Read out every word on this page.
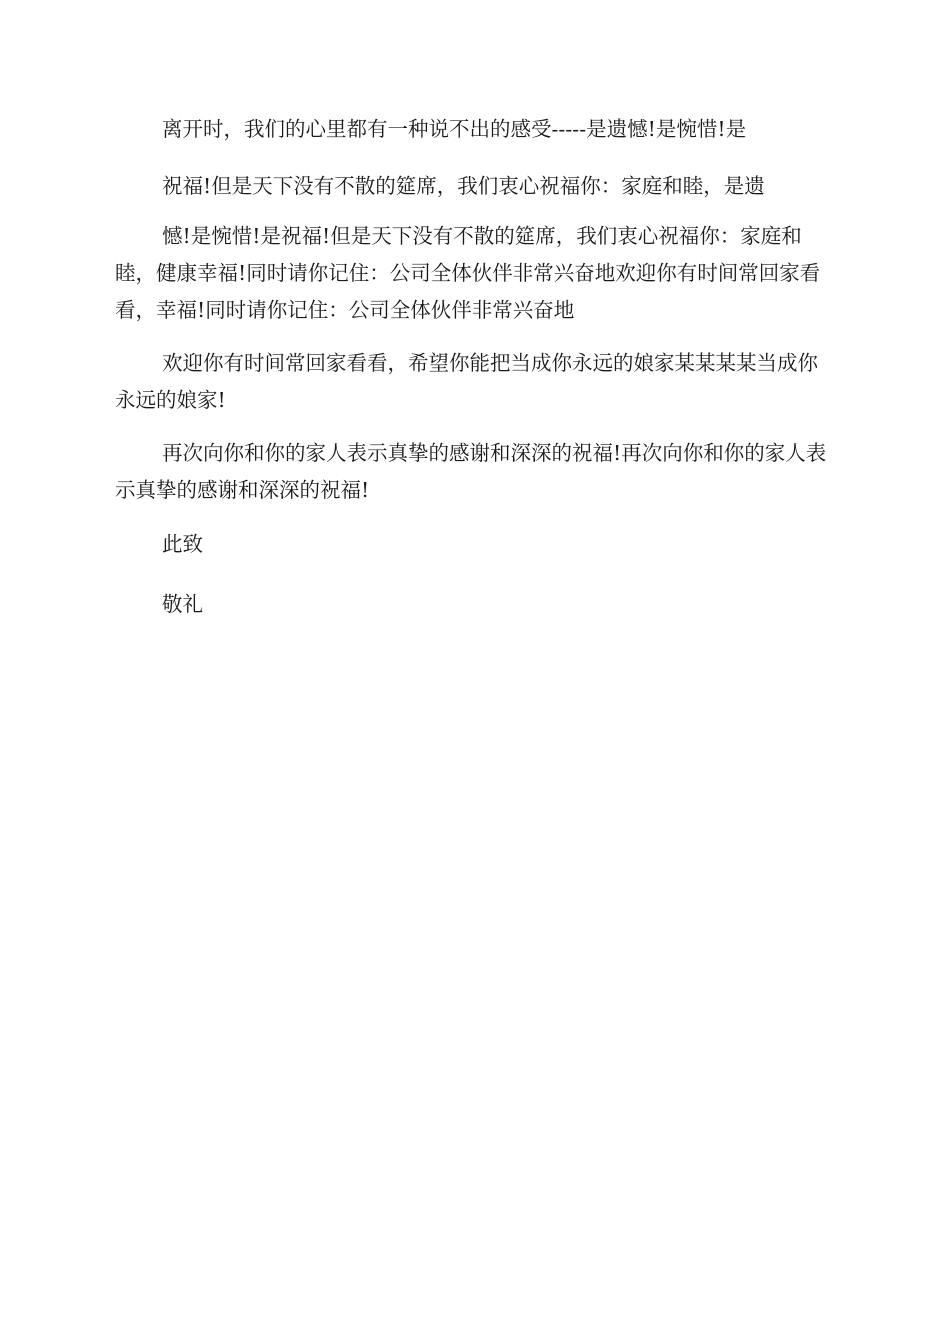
离开时，我们的心里都有一种说不出的感受-----是遗憾!是惋惜!是

祝福!但是天下没有不散的筵席，我们衷心祝福你：家庭和睦，是遗

憾!是惋惜!是祝福!但是天下没有不散的筵席，我们衷心祝福你：家庭和睦，健康幸福!同时请你记住：公司全体伙伴非常兴奋地欢迎你有时间常回家看看，幸福!同时请你记住：公司全体伙伴非常兴奋地

欢迎你有时间常回家看看，希望你能把当成你永远的娘家某某某某当成你永远的娘家!

再次向你和你的家人表示真挚的感谢和深深的祝福!再次向你和你的家人表示真挚的感谢和深深的祝福!

此致

敬礼
